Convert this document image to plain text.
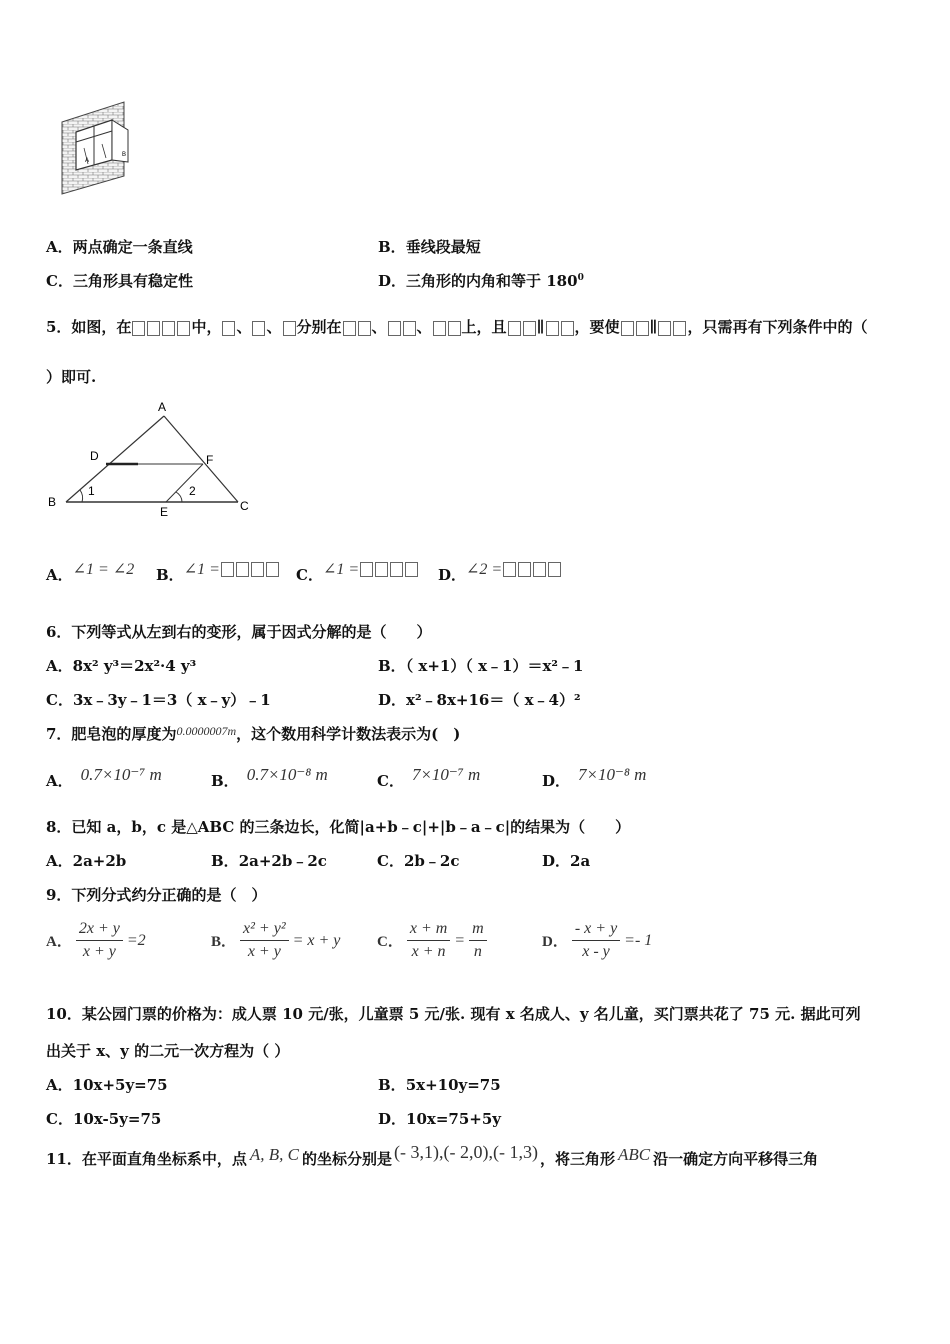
A
B
A．两点确定一条直线	B．垂线段最短
C．三角形具有稳定性	D．三角形的内角和等于 $180^0$
5．如图，在	中， 、 、 分别在 、 、 上，且 ∥ ，要使 ∥ ，只需再有下列条件中的（
）即可.
A
B	C
D
E
F
1	2
A． ∠1 = ∠2 B． ∠1 =	C． ∠1 =	D． ∠2 =
6．下列等式从左到右的变形，属于因式分解的是（　　）
A．8x² y³＝2x²·4 y³	B．（ x+1）（ x﹣1）＝x²﹣1
C．3x﹣3y﹣1＝3（ x﹣y）﹣1	D．x²﹣8x+16＝（ x﹣4）²
7．肥皂泡的厚度为$^{0.0000007m}$，这个数用科学计数法表示为(　)
A． 0.7×10⁻⁷ m	B． 0.7×10⁻⁸ m	C． 7×10⁻⁷ m	D． 7×10⁻⁸ m
8．已知 a，b，c 是△ABC 的三条边长，化简|a+b﹣c|+|b﹣a﹣c|的结果为（　　）
A．2a+2b	B．2a+2b﹣2c	C．2b﹣2c	D．2a
9．下列分式约分正确的是（　）
A． $\frac{2x + y}{x + y} =2$	B． $\frac{\text{x² + y²}}{x + y} = x + y$ C． $\frac{x + m}{x + n} = \frac{m}{n}$	D． $\frac{- x + y}{x - y} =- 1$
10．某公园门票的价格为：成人票 10 元/张，儿童票 5 元/张. 现有 x 名成人、y 名儿童，买门票共花了 75 元. 据此可列
出关于 x、y 的二元一次方程为（ ）
A．10x+5y=75	B．5x+10y=75
C．10x-5y=75	D．10x=75+5y
11．在平面直角坐标系中，点 A, B, C 的坐标分别是 (- 3,1),(- 2,0),(- 1,3) ，将三角形 ABC 沿一确定方向平移得三角
